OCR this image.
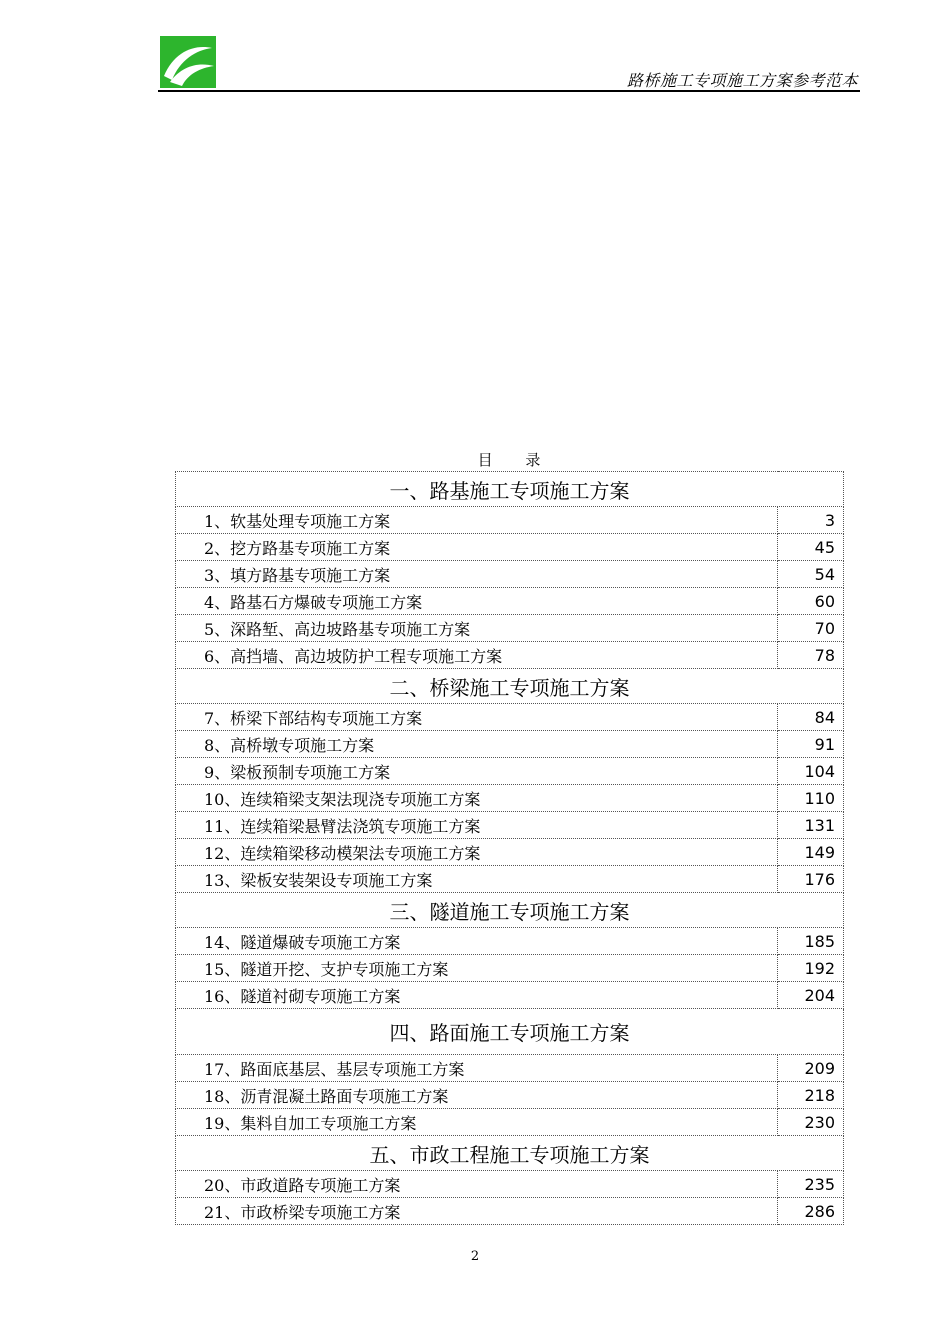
路桥施工专项施工方案参考范本
目 录
一、路基施工专项施工方案	
1、软基处理专项施工方案	3
2、挖方路基专项施工方案	45
3、填方路基专项施工方案	54
4、路基石方爆破专项施工方案	60
5、深路堑、高边坡路基专项施工方案	70
6、高挡墙、高边坡防护工程专项施工方案	78
二、桥梁施工专项施工方案	
7、桥梁下部结构专项施工方案	84
8、高桥墩专项施工方案	91
9、梁板预制专项施工方案	104
10、连续箱梁支架法现浇专项施工方案	110
11、连续箱梁悬臂法浇筑专项施工方案	131
12、连续箱梁移动模架法专项施工方案	149
13、梁板安装架设专项施工方案	176
三、隧道施工专项施工方案	
14、隧道爆破专项施工方案	185
15、隧道开挖、支护专项施工方案	192
16、隧道衬砌专项施工方案	204
四、路面施工专项施工方案	
17、路面底基层、基层专项施工方案	209
18、沥青混凝土路面专项施工方案	218
19、集料自加工专项施工方案	230
五、市政工程施工专项施工方案	
20、市政道路专项施工方案	235
21、市政桥梁专项施工方案	286
2
